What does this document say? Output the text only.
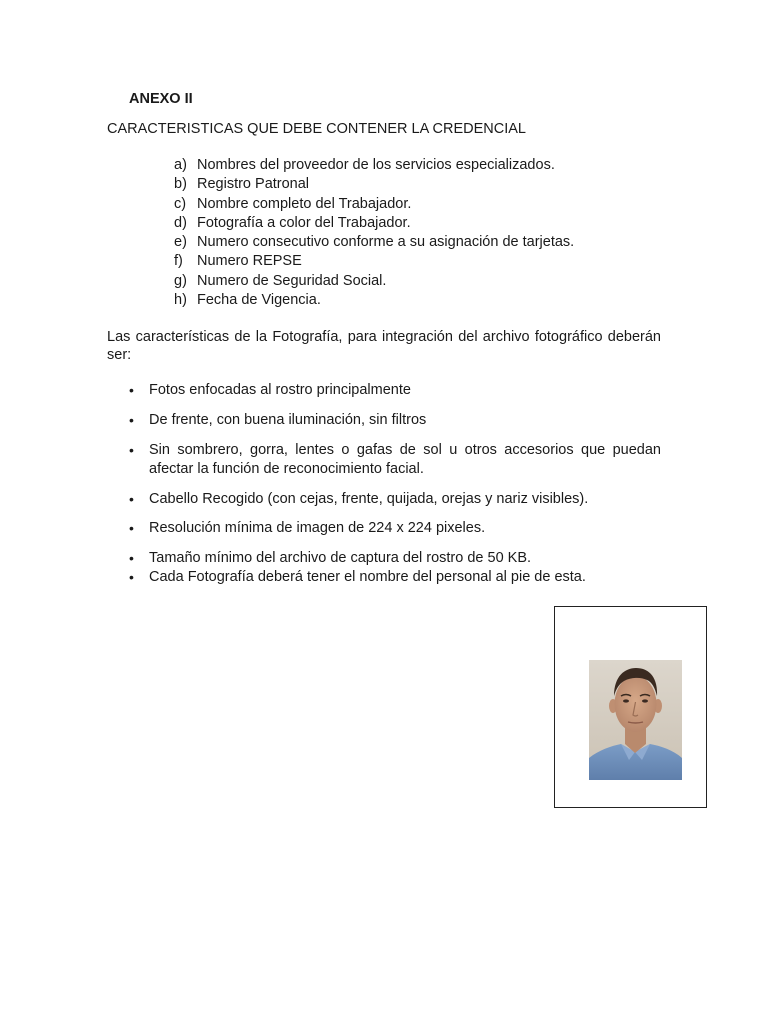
ANEXO II

CARACTERISTICAS QUE DEBE CONTENER LA CREDENCIAL

a) Nombres del proveedor de los servicios especializados.
b) Registro Patronal
c) Nombre completo del Trabajador.
d) Fotografía a color del Trabajador.
e) Numero consecutivo conforme a su asignación de tarjetas.
f) Numero REPSE
g) Numero de Seguridad Social.
h) Fecha de Vigencia.

Las características de la Fotografía, para integración del archivo fotográfico deberán ser:

•	Fotos enfocadas al rostro principalmente
•	De frente, con buena iluminación, sin filtros
•	Sin sombrero, gorra, lentes o gafas de sol u otros accesorios que puedan afectar la función de reconocimiento facial.
•	Cabello Recogido (con cejas, frente, quijada, orejas y nariz visibles).
•	Resolución mínima de imagen de 224 x 224 pixeles.
•	Tamaño mínimo del archivo de captura del rostro de 50 KB.
•	Cada Fotografía deberá tener el nombre del personal al pie de esta.
